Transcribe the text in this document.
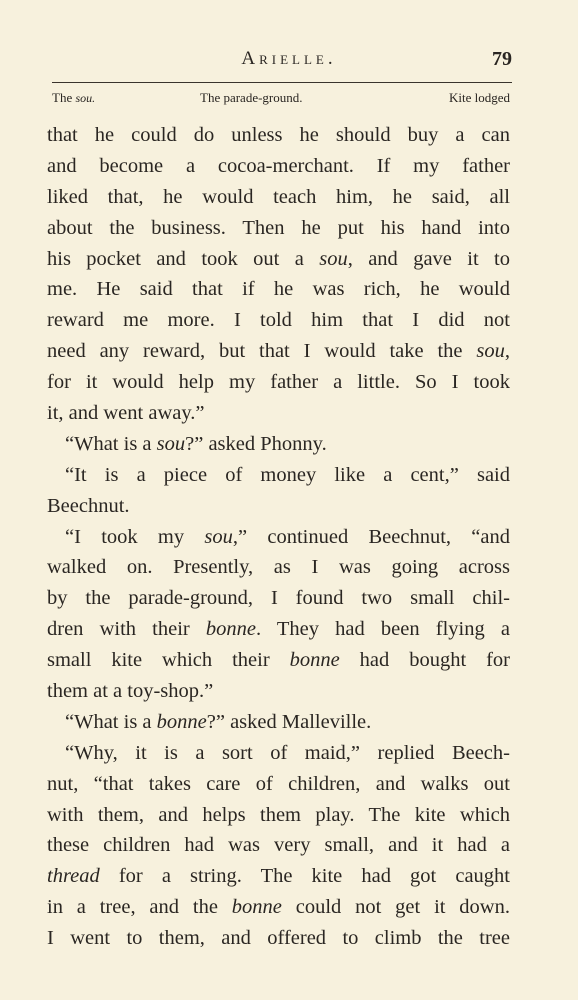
Arielle.	79
The sou.	The parade-ground.	Kite lodged
that he could do unless he should buy a can
and become a cocoa-merchant. If my father
liked that, he would teach him, he said, all
about the business. Then he put his hand into
his pocket and took out a sou, and gave it to
me. He said that if he was rich, he would
reward me more. I told him that I did not
need any reward, but that I would take the sou,
for it would help my father a little. So I took
it, and went away.”
“What is a sou?” asked Phonny.
“It is a piece of money like a cent,” said
Beechnut.
“I took my sou,” continued Beechnut, “and
walked on. Presently, as I was going across
by the parade-ground, I found two small chil-
dren with their bonne. They had been flying a
small kite which their bonne had bought for
them at a toy-shop.”
“What is a bonne?” asked Malleville.
“Why, it is a sort of maid,” replied Beech-
nut, “that takes care of children, and walks out
with them, and helps them play. The kite which
these children had was very small, and it had a
thread for a string. The kite had got caught
in a tree, and the bonne could not get it down.
I went to them, and offered to climb the tree
